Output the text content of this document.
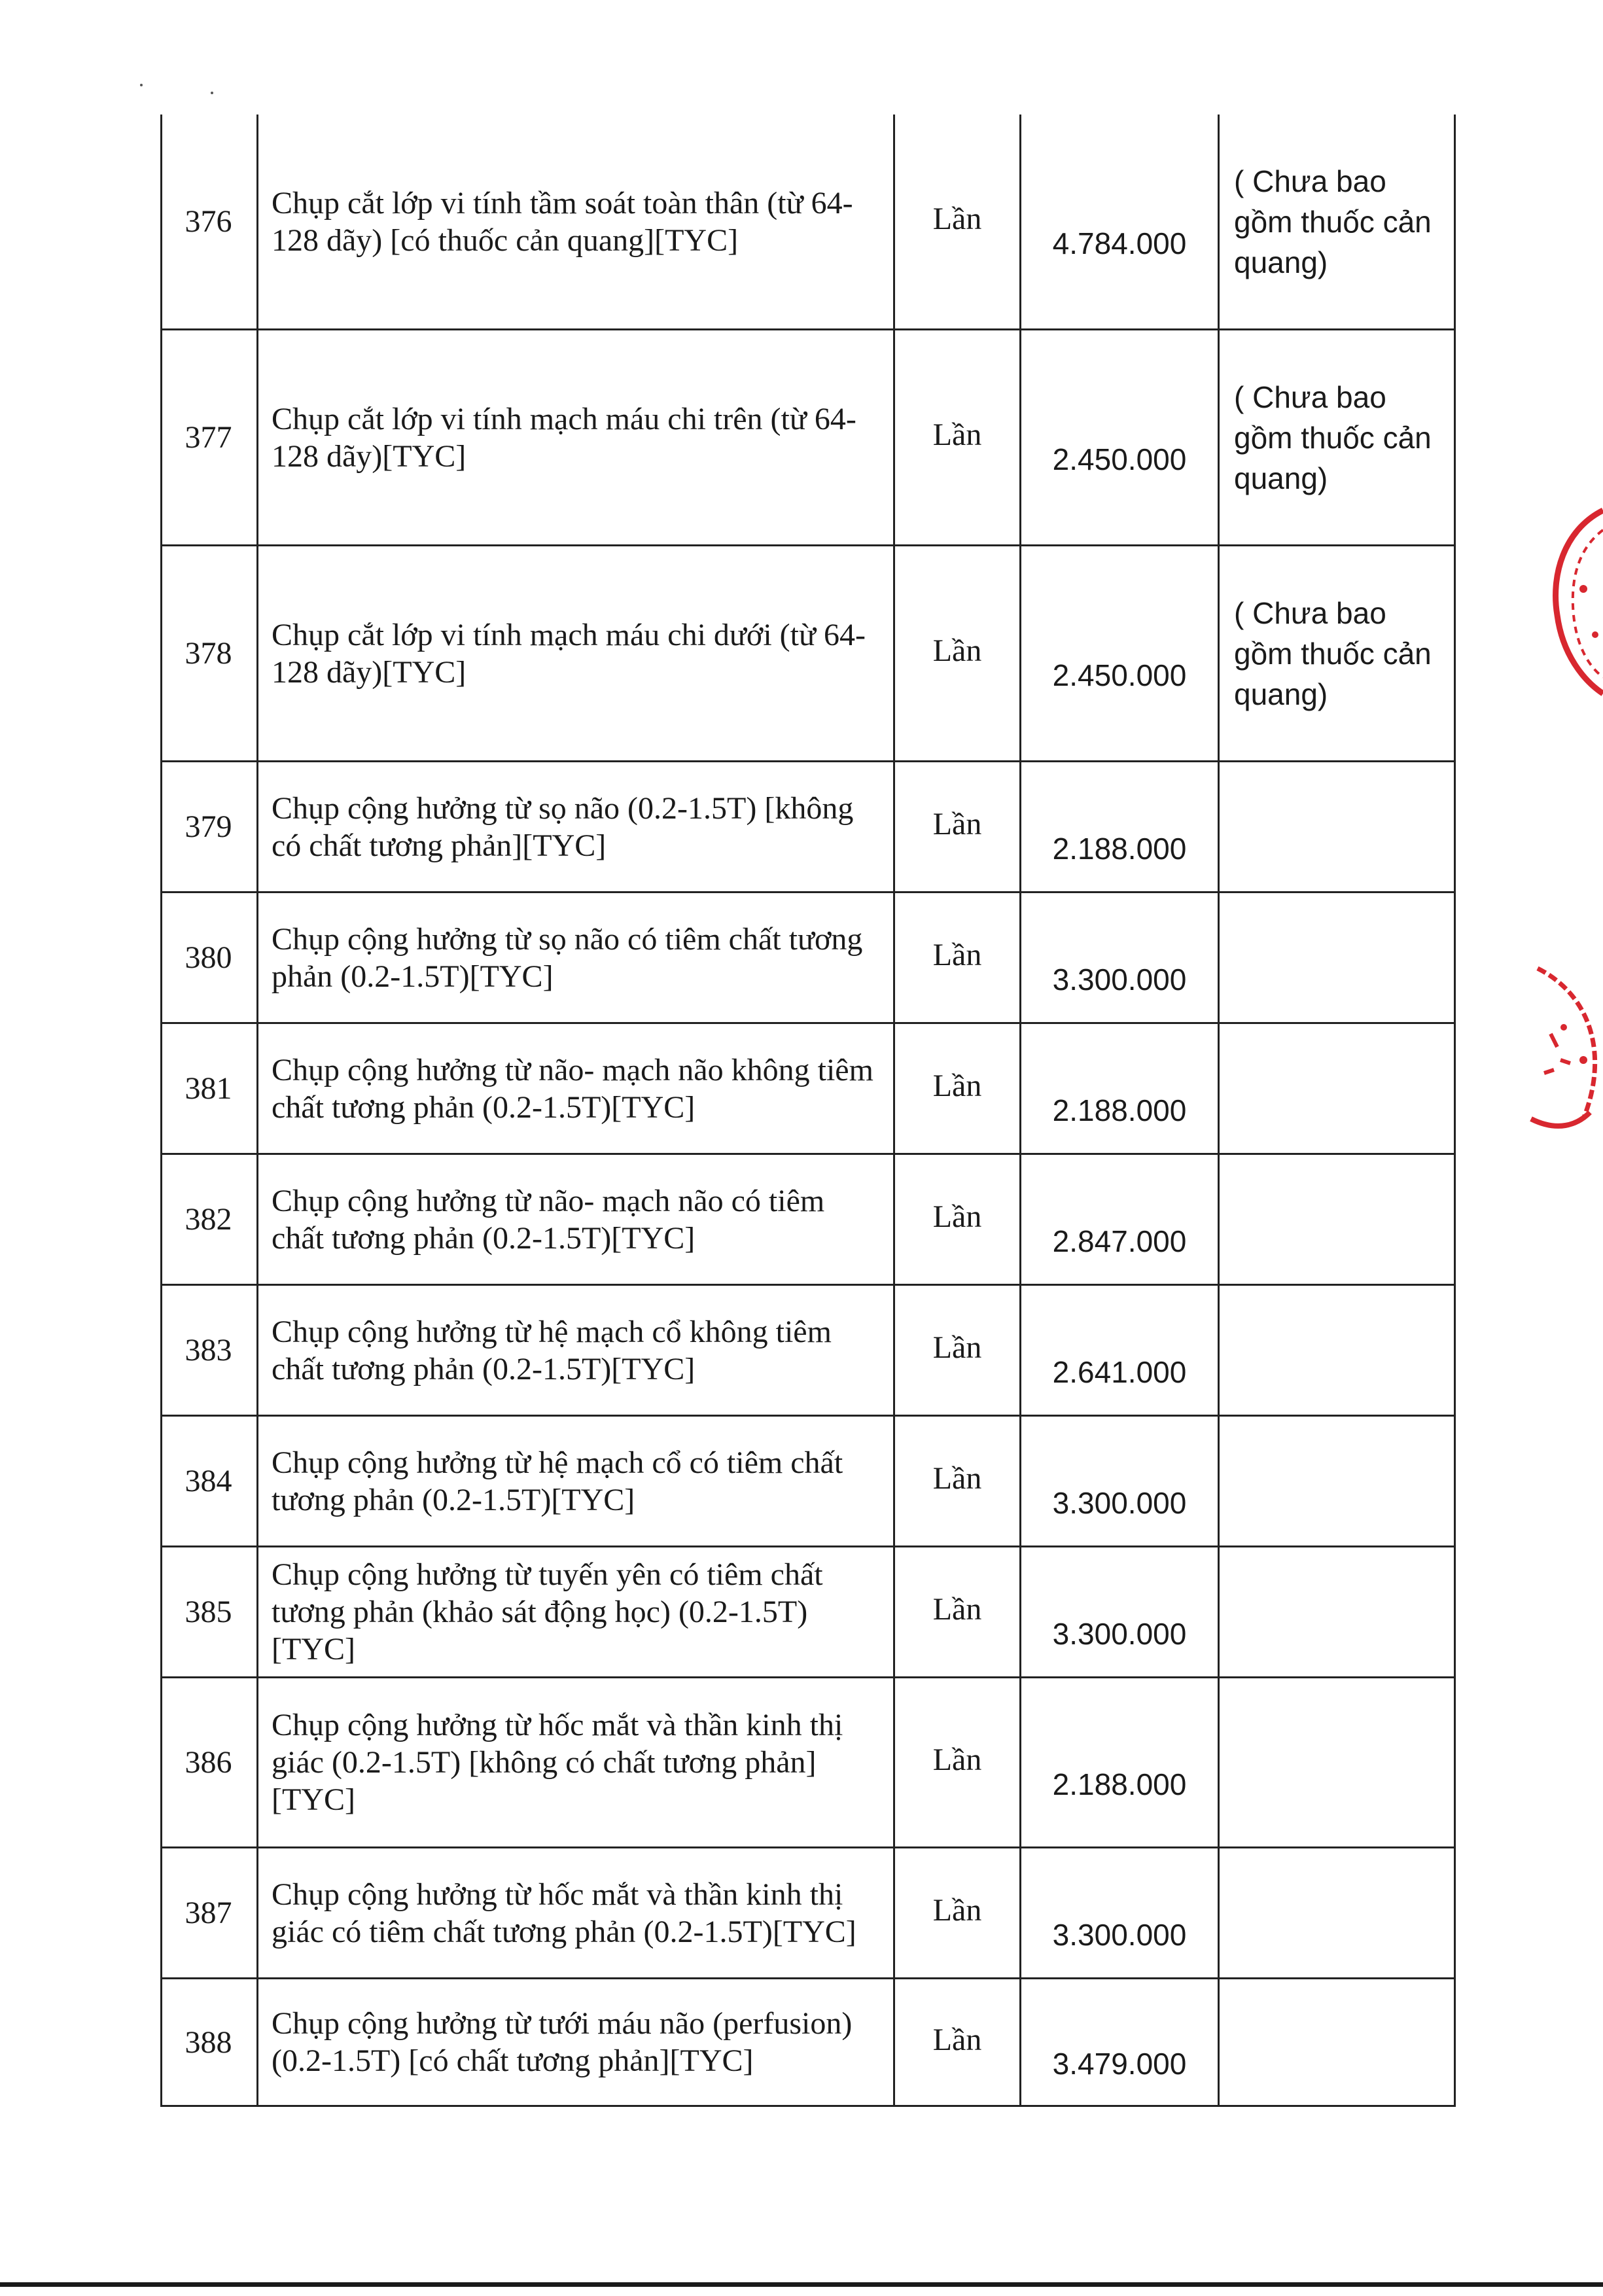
376
Chụp cắt lớp vi tính tầm soát toàn thân (từ 64-128 dãy) [có thuốc cản quang][TYC]
Lần
4.784.000
( Chưa bao gồm thuốc cản quang)
377
Chụp cắt lớp vi tính mạch máu chi trên (từ 64-128 dãy)[TYC]
Lần
2.450.000
( Chưa bao gồm thuốc cản quang)
378
Chụp cắt lớp vi tính mạch máu chi dưới (từ 64-128 dãy)[TYC]
Lần
2.450.000
( Chưa bao gồm thuốc cản quang)
379
Chụp cộng hưởng từ sọ não (0.2-1.5T) [không có chất tương phản][TYC]
Lần
2.188.000
380
Chụp cộng hưởng từ sọ não có tiêm chất tương phản (0.2-1.5T)[TYC]
Lần
3.300.000
381
Chụp cộng hưởng từ não- mạch não không tiêm chất tương phản (0.2-1.5T)[TYC]
Lần
2.188.000
382
Chụp cộng hưởng từ não- mạch não có tiêm chất tương phản (0.2-1.5T)[TYC]
Lần
2.847.000
383
Chụp cộng hưởng từ hệ mạch cổ không tiêm chất tương phản (0.2-1.5T)[TYC]
Lần
2.641.000
384
Chụp cộng hưởng từ hệ mạch cổ có tiêm chất tương phản (0.2-1.5T)[TYC]
Lần
3.300.000
385
Chụp cộng hưởng từ tuyến yên có tiêm chất tương phản (khảo sát động học) (0.2-1.5T)[TYC]
Lần
3.300.000
386
Chụp cộng hưởng từ hốc mắt và thần kinh thị giác (0.2-1.5T) [không có chất tương phản][TYC]
Lần
2.188.000
387
Chụp cộng hưởng từ hốc mắt và thần kinh thị giác có tiêm chất tương phản (0.2-1.5T)[TYC]
Lần
3.300.000
388
Chụp cộng hưởng từ tưới máu não (perfusion) (0.2-1.5T) [có chất tương phản][TYC]
Lần
3.479.000
